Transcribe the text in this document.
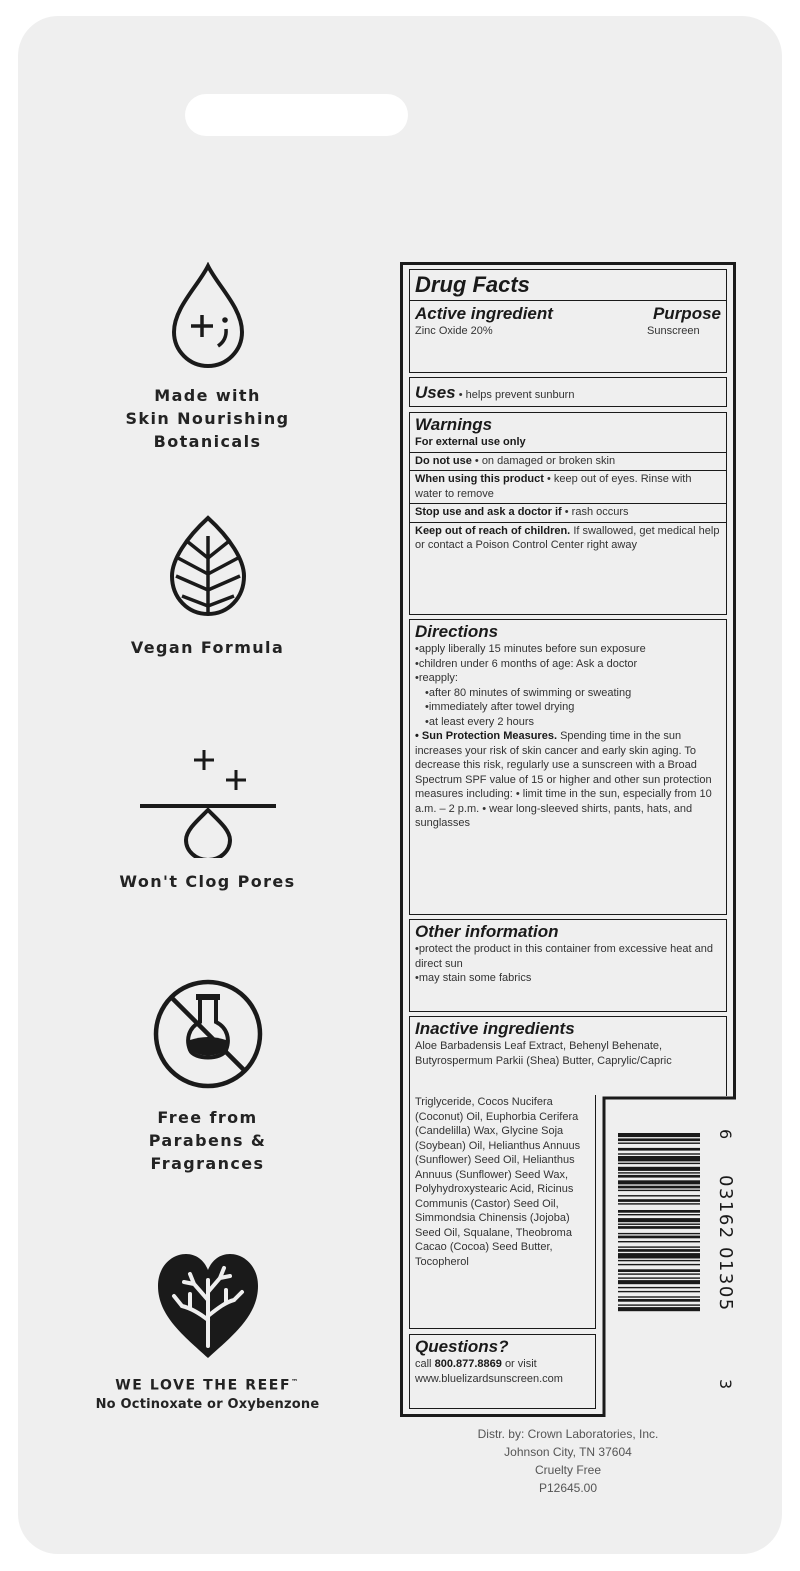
Made with
Skin Nourishing
Botanicals
Vegan Formula
Won't Clog Pores
Free from
Parabens &
Fragrances
WE LOVE THE REEF™
No Octinoxate or Oxybenzone
Drug Facts
Active ingredient	Purpose
Zinc Oxide 20%	Sunscreen
Uses • helps prevent sunburn
Warnings
For external use only
Do not use • on damaged or broken skin
When using this product • keep out of eyes. Rinse with water to remove
Stop use and ask a doctor if • rash occurs
Keep out of reach of children. If swallowed, get medical help or contact a Poison Control Center right away
Directions
• apply liberally 15 minutes before sun exposure
• children under 6 months of age: Ask a doctor
• reapply:
• after 80 minutes of swimming or sweating
• immediately after towel drying
• at least every 2 hours
• Sun Protection Measures. Spending time in the sun increases your risk of skin cancer and early skin aging. To decrease this risk, regularly use a sunscreen with a Broad Spectrum SPF value of 15 or higher and other sun protection measures including: • limit time in the sun, especially from 10 a.m. – 2 p.m. • wear long-sleeved shirts, pants, hats, and sunglasses
Other information
• protect the product in this container from excessive heat and direct sun
• may stain some fabrics
Inactive ingredients
Aloe Barbadensis Leaf Extract, Behenyl Behenate, Butyrospermum Parkii (Shea) Butter, Caprylic/Capric
Triglyceride, Cocos Nucifera (Coconut) Oil, Euphorbia Cerifera (Candelilla) Wax, Glycine Soja (Soybean) Oil, Helianthus Annuus (Sunflower) Seed Oil, Helianthus Annuus (Sunflower) Seed Wax, Polyhydroxystearic Acid, Ricinus Communis (Castor) Seed Oil, Simmondsia Chinensis (Jojoba) Seed Oil, Squalane, Theobroma Cacao (Cocoa) Seed Butter, Tocopherol
Questions?
call 800.877.8869 or visit
www.bluelizardsunscreen.com
6
03162 01305
3
Distr. by: Crown Laboratories, Inc.
Johnson City, TN 37604
Cruelty Free
P12645.00
